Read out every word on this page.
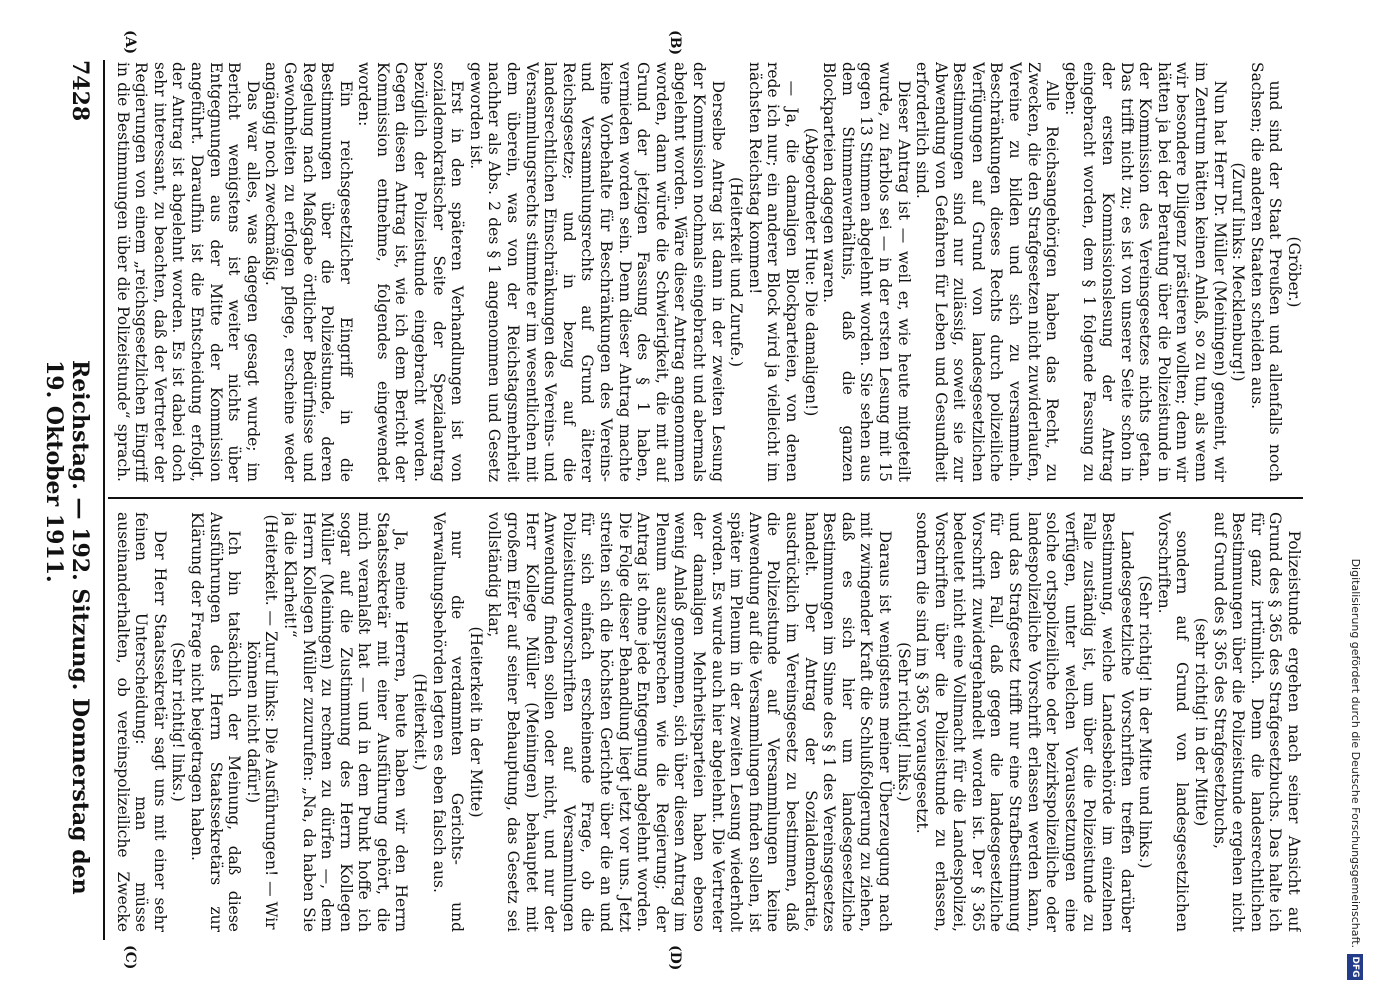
7428
Reichstag. — 192. Sitzung. Donnerstag den 19. Oktober 1911.
(A)	(B)
(C)	(D)

(Gröber.)

und sind der Staat Preußen und allenfalls noch Sachsen; die anderen Staaten scheiden aus.

(Zuruf links: Mecklenburg!)

Nun hat Herr Dr. Müller (Meiningen) gemeint, wir im Zentrum hätten keinen Anlaß, so zu tun, als wenn wir besondere Diligenz prästieren wollten; denn wir hätten ja bei der Beratung über die Polizeistunde in der Kommission des Vereinsgesetzes nichts getan. Das trifft nicht zu; es ist von unserer Seite schon in der ersten Kommissionslesung der Antrag eingebracht worden, dem § 1 folgende Fassung zu geben:

Alle Reichsangehörigen haben das Recht, zu Zwecken, die den Strafgesetzen nicht zuwiderlaufen, Vereine zu bilden und sich zu versammeln. Beschränkungen dieses Rechts durch polizeiliche Verfügungen auf Grund von landesgesetzlichen Bestimmungen sind nur zulässig, soweit sie zur Abwendung von Gefahren für Leben und Gesundheit erforderlich sind.

Dieser Antrag ist — weil er, wie heute mitgeteilt wurde, zu farblos sei — in der ersten Lesung mit 15 gegen 13 Stimmen abgelehnt worden. Sie sehen aus dem Stimmenverhältnis, daß die ganzen Blockparteien dagegen waren.

(Abgeordneter Hue: Die damaligen!)

— Ja, die damaligen Blockparteien, von denen rede ich nur; ein anderer Block wird ja vielleicht im nächsten Reichstag kommen!

(Heiterkeit und Zurufe.)

Derselbe Antrag ist dann in der zweiten Lesung der Kommission nochmals eingebracht und abermals abgelehnt worden. Wäre dieser Antrag angenommen worden, dann würde die Schwierigkeit, die mit auf Grund der jetzigen Fassung des § 1 haben, vermieden worden sein. Denn dieser Antrag machte keine Vorbehalte für Beschränkungen des Vereins- und Versammlungsrechts auf Grund älterer Reichsgesetze; und in bezug auf die landesrechtlichen Einschränkungen des Vereins- und Versammlungsrechts stimmte er im wesentlichen mit dem überein, was von der Reichstagsmehrheit nachher als Abs. 2 des § 1 angenommen und Gesetz geworden ist.

Erst in den späteren Verhandlungen ist von sozialdemokratischer Seite der Spezialantrag bezüglich der Polizeistunde eingebracht worden. Gegen diesen Antrag ist, wie ich dem Bericht der Kommission entnehme, folgendes eingewendet worden:

Ein reichsgesetzlicher Eingriff in die Bestimmungen über die Polizeistunde, deren Regelung nach Maßgabe örtlicher Bedürfnisse und Gewohnheiten zu erfolgen pflege, erscheine weder angängig noch zweckmäßig.

Das war alles, was dagegen gesagt wurde; im Bericht wenigstens ist weiter nichts über Entgegnungen aus der Mitte der Kommission angeführt. Daraufhin ist die Entscheidung erfolgt, der Antrag ist abgelehnt worden. Es ist dabei doch sehr interessant, zu beachten, daß der Vertreter der Regierungen von einem „reichsgesetzlichen Eingriff in die Bestimmungen über die Polizeistunde“ sprach.

Polizeistunde ergehen nach seiner Ansicht auf Grund des § 365 des Strafgesetzbuchs. Das halte ich für ganz irrtümlich. Denn die landesrechtlichen Bestimmungen über die Polizeistunde ergehen nicht auf Grund des § 365 des Strafgesetzbuchs,

(sehr richtig! in der Mitte)

sondern auf Grund von landesgesetzlichen Vorschriften.

(Sehr richtig! in der Mitte und links.)

Landesgesetzliche Vorschriften treffen darüber Bestimmung, welche Landesbehörde im einzelnen Falle zuständig ist, um über die Polizeistunde zu verfügen, unter welchen Voraussetzungen eine solche ortspolizeiliche oder bezirkspolizeiliche oder landespolizeiliche Vorschrift erlassen werden kann, und das Strafgesetz trifft nur eine Strafbestimmung für den Fall, daß gegen die landesgesetzliche Vorschrift zuwidergehandelt worden ist. Der § 365 bedeutet nicht eine Vollmacht für die Landespolizei, Vorschriften über die Polizeistunde zu erlassen, sondern die sind im § 365 vorausgesetzt.

(Sehr richtig! links.)

Daraus ist wenigstens meiner Überzeugung nach mit zwingender Kraft die Schlußfolgerung zu ziehen, daß es sich hier um landesgesetzliche Bestimmungen im Sinne des § 1 des Vereinsgesetzes handelt. Der Antrag der Sozialdemokratie, ausdrücklich im Vereinsgesetz zu bestimmen, daß die Polizeistunde auf Versammlungen keine Anwendung auf die Versammlungen finden sollen, ist später im Plenum in der zweiten Lesung wiederholt worden. Es wurde auch hier abgelehnt. Die Vertreter der damaligen Mehrheitsparteien haben ebenso wenig Anlaß genommen, sich über diesen Antrag im Plenum auszusprechen wie die Regierung; der Antrag ist ohne jede Entgegnung abgelehnt worden. Die Folge dieser Behandlung liegt jetzt vor uns. Jetzt streiten sich die höchsten Gerichte über die an und für sich einfach erscheinende Frage, ob die Polizeistundevorschriften auf Versammlungen Anwendung finden sollen oder nicht, und nur der Herr Kollege Müller (Meiningen) behauptet mit großem Eifer auf seiner Behauptung, das Gesetz sei vollständig klar,

(Heiterkeit in der Mitte)

nur die verdammten Gerichts- und Verwaltungsbehörden legten es eben falsch aus.

(Heiterkeit.)

Ja, meine Herren, heute haben wir den Herrn Staatssekretär mit einer Ausführung gehört, die mich veranlaßt hat — und in dem Punkt hoffe ich sogar auf die Zustimmung des Herrn Kollegen Müller (Meiningen) zu rechnen zu dürfen —, dem Herrn Kollegen Müller zuzurufen: „Na, da haben Sie ja die Klarheit!“

(Heiterkeit. — Zuruf links: Die Ausführungen! — Wir können nicht dafür!)

Ich bin tatsächlich der Meinung, daß diese Ausführungen des Herrn Staatssekretärs zur Klärung der Frage nicht beigetragen haben.

(Sehr richtig! links.)

Der Herr Staatssekretär sagt uns mit einer sehr feinen Unterscheidung: man müsse auseinanderhalten, ob vereinspolizeiliche Zwecke	Digitalisierung gefördert durch die Deutsche Forschungsgemeinschaft.
DFG
